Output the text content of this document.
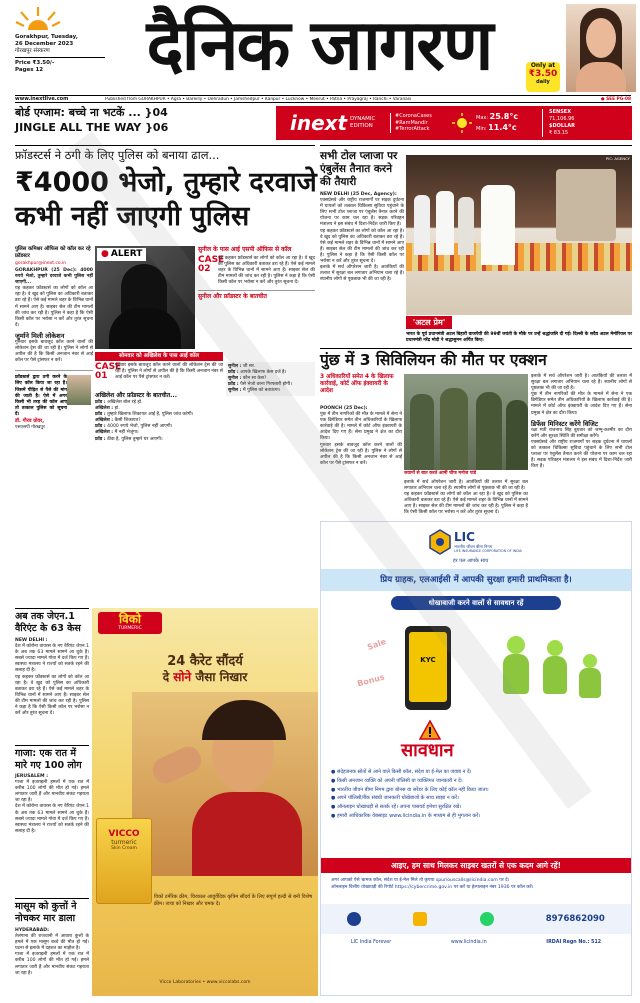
Gorakhpur, Tuesday,
26 December 2023
गोरखपुर संस्करण
Price ₹3.50/-
Pages 12	दैनिक जागरण	Only at
₹3.50
daily
www.inextlive.com	Published from GORAKHPUR • Agra • Bareilly • Dehradun • Jamshedpur • Kanpur • Lucknow • Meerut • Patna • Prayagraj • Ranchi • Varanasi	● SEE PG-08
बोर्ड एग्जाम: बच्चे ना भटकें ... }04
JINGLE ALL THE WAY }06	inext DYNAMIC
EDITION
#CoronaCases
#RamMandir
#TerrorAttack
Max: 25.8°c
Min: 11.4°c
SENSEX
71,106.96
$DOLLAR
₹ 83.15
फ्रॉडस्टर्स ने ठगी के लिए पुलिस को बनाया ढाल...
₹4000 भेजो, तुम्हारे दरवाजे
कभी नहीं जाएगी पुलिस
पुलिस कमिश्नर ऑफिस को कॉल कर रहे फ्रॉडस्टर
gorakhpur@inext.co.in
GORAKHPUR (25 Dec): 4000 रुपये भेजो, तुम्हारे दरवाजे कभी पुलिस नहीं जाएगी...
यह कहकर फ्रॉडस्टर्स का लोगों को कॉल आ रहा है। वे खुद को पुलिस का अधिकारी बताकर डरा रहे हैं। ऐसे कई मामले शहर के विभिन्न थानों में सामने आए हैं। साइबर सेल की टीम मामलों की जांच कर रही है। पुलिस ने कहा है कि ऐसी किसी कॉल पर भरोसा न करें और तुरंत सूचना दें।
जुर्माने मिली लोकेशन
गुरुवार इसके बावजूद कॉल करने वालों की लोकेशन ट्रेस की जा रही है। पुलिस ने लोगों से अपील की है कि किसी अनजान नंबर से आई कॉल पर पैसे ट्रांसफर न करें।
फ्रॉडस्टर्स द्वारा ठगी करने के लिए कॉल किया जा रहा है। जिसमें पीड़ित से पैसे की मांग की जाती है। ऐसे में अगर किसी भी तरह की कॉल आए तो तत्काल पुलिस को सूचना दें।
डॉ. गौरव ग्रोवर,
एसएसपी गोरखपुर
● ALERT	सुनील के पास आई एसपी ऑफिस से कॉल
CASE 02
यह कहकर फ्रॉडस्टर्स का लोगों को कॉल आ रहा है। वे खुद को पुलिस का अधिकारी बताकर डरा रहे हैं। ऐसे कई मामले शहर के विभिन्न थानों में सामने आए हैं। साइबर सेल की टीम मामलों की जांच कर रही है। पुलिस ने कहा है कि ऐसी किसी कॉल पर भरोसा न करें और तुरंत सूचना दें।
सुनील और फ्रॉडस्टर के बातचीत
सोमवार को अखिलेश के पास आई कॉल
CASE 01
गुरुवार इसके बावजूद कॉल करने वालों की लोकेशन ट्रेस की जा रही है। पुलिस ने लोगों से अपील की है कि किसी अनजान नंबर से आई कॉल पर पैसे ट्रांसफर न करें।
अखिलेश और फ्रॉडस्टर के बातचीत...
फ्रॉड : अखिलेश बोल रहे हो.
अखिलेश : हां.
फ्रॉड : तुम्हारे खिलाफ शिकायत आई है, पुलिस जांच करेगी।
अखिलेश : कैसी शिकायत?
फ्रॉड : 4000 रुपये भेजो, पुलिस नहीं आएगी।
अखिलेश : मैं नहीं भेजूंगा।
फ्रॉड : ठीक है, पुलिस तुम्हारे घर आएगी।
सुनील : जी सर.
फ्रॉड : आपके खिलाफ केस दर्ज है।
सुनील : कौन सा केस?
फ्रॉड : पैसे भेजो वरना गिरफ्तारी होगी।
सुनील : मैं पुलिस को बताऊंगा।
सभी टोल प्लाजा पर एंबुलेंस तैनात करने की तैयारी
NEW DELHI (25 Dec, Agency):
एक्सप्रेसवे और राष्ट्रीय राजमार्गों पर सड़क दुर्घटना में घायलों को तत्काल चिकित्सा सुविधा पहुंचाने के लिए सभी टोल प्लाजा पर एंबुलेंस तैनात करने की योजना पर काम चल रहा है। सड़क परिवहन मंत्रालय ने इस संबंध में दिशा-निर्देश जारी किए हैं।
यह कहकर फ्रॉडस्टर्स का लोगों को कॉल आ रहा है। वे खुद को पुलिस का अधिकारी बताकर डरा रहे हैं। ऐसे कई मामले शहर के विभिन्न थानों में सामने आए हैं। साइबर सेल की टीम मामलों की जांच कर रही है। पुलिस ने कहा है कि ऐसी किसी कॉल पर भरोसा न करें और तुरंत सूचना दें।
इलाके में सर्च ऑपरेशन जारी है। आतंकियों की तलाश में सुरक्षा बल लगातार अभियान चला रहे हैं। स्थानीय लोगों से पूछताछ भी की जा रही है।
PIC: AGENCY
'अटल प्रेम'
भारत के पूर्व प्रधानमंत्री अटल बिहारी वाजपेयी की 99वीं जयंती के मौके पर उन्हें श्रद्धांजलि दी गई। दिल्ली के सदैव अटल मेमोरियल पर प्रधानमंत्री नरेंद्र मोदी ने श्रद्धासुमन अर्पित किए।
पुंछ में 3 सिविलियन की मौत पर एक्शन
3 अधिकारियों समेत 4 के खिलाफ कार्रवाई, कोर्ट ऑफ इंक्वायरी के आदेश
POONCH (25 Dec):
पुंछ में तीन नागरिकों की मौत के मामले में सेना ने एक ब्रिगेडियर समेत तीन अधिकारियों के खिलाफ कार्रवाई की है। मामले में कोर्ट ऑफ इंक्वायरी के आदेश दिए गए हैं। सेना प्रमुख ने क्षेत्र का दौरा किया।
गुरुवार इसके बावजूद कॉल करने वालों की लोकेशन ट्रेस की जा रही है। पुलिस ने लोगों से अपील की है कि किसी अनजान नंबर से आई कॉल पर पैसे ट्रांसफर न करें।
जवानों से बात करते आर्मी चीफ मनोज पांडे
इलाके में सर्च ऑपरेशन जारी है। आतंकियों की तलाश में सुरक्षा बल लगातार अभियान चला रहे हैं। स्थानीय लोगों से पूछताछ भी की जा रही है।
यह कहकर फ्रॉडस्टर्स का लोगों को कॉल आ रहा है। वे खुद को पुलिस का अधिकारी बताकर डरा रहे हैं। ऐसे कई मामले शहर के विभिन्न थानों में सामने आए हैं। साइबर सेल की टीम मामलों की जांच कर रही है। पुलिस ने कहा है कि ऐसी किसी कॉल पर भरोसा न करें और तुरंत सूचना दें।
इलाके में सर्च ऑपरेशन जारी है। आतंकियों की तलाश में सुरक्षा बल लगातार अभियान चला रहे हैं। स्थानीय लोगों से पूछताछ भी की जा रही है।
पुंछ में तीन नागरिकों की मौत के मामले में सेना ने एक ब्रिगेडियर समेत तीन अधिकारियों के खिलाफ कार्रवाई की है। मामले में कोर्ट ऑफ इंक्वायरी के आदेश दिए गए हैं। सेना प्रमुख ने क्षेत्र का दौरा किया।
डिफेंस मिनिस्टर करेंगे विजिट
रक्षा मंत्री राजनाथ सिंह बुधवार को जम्मू-कश्मीर का दौरा करेंगे और सुरक्षा स्थिति की समीक्षा करेंगे।
एक्सप्रेसवे और राष्ट्रीय राजमार्गों पर सड़क दुर्घटना में घायलों को तत्काल चिकित्सा सुविधा पहुंचाने के लिए सभी टोल प्लाजा पर एंबुलेंस तैनात करने की योजना पर काम चल रहा है। सड़क परिवहन मंत्रालय ने इस संबंध में दिशा-निर्देश जारी किए हैं।
अब तक जेएन.1 वैरिएंट के 63 केस
NEW DELHI :
देश में कोरोना वायरस के नए वैरिएंट जेएन.1 के अब तक 63 मामले सामने आ चुके हैं। सबसे ज्यादा मामले गोवा में दर्ज किए गए हैं। स्वास्थ्य मंत्रालय ने राज्यों को सतर्क रहने की सलाह दी है।
यह कहकर फ्रॉडस्टर्स का लोगों को कॉल आ रहा है। वे खुद को पुलिस का अधिकारी बताकर डरा रहे हैं। ऐसे कई मामले शहर के विभिन्न थानों में सामने आए हैं। साइबर सेल की टीम मामलों की जांच कर रही है। पुलिस ने कहा है कि ऐसी किसी कॉल पर भरोसा न करें और तुरंत सूचना दें।
गाजा: एक रात में मारे गए 100 लोग
JERUSALEM :
गाजा में इजराइली हमलों में एक रात में करीब 100 लोगों की मौत हो गई। हमले लगातार जारी हैं और मानवीय संकट गहराता जा रहा है।
देश में कोरोना वायरस के नए वैरिएंट जेएन.1 के अब तक 63 मामले सामने आ चुके हैं। सबसे ज्यादा मामले गोवा में दर्ज किए गए हैं। स्वास्थ्य मंत्रालय ने राज्यों को सतर्क रहने की सलाह दी है।
मासूम को कुत्तों ने नोचकर मार डाला
HYDERABAD:
तेलंगाना की राजधानी में आवारा कुत्तों के हमले में एक मासूम बच्चे की मौत हो गई। घटना से इलाके में दहशत का माहौल है।
गाजा में इजराइली हमलों में एक रात में करीब 100 लोगों की मौत हो गई। हमले लगातार जारी हैं और मानवीय संकट गहराता जा रहा है।
विको
TURMERIC
24 कैरेट सौंदर्य
दे सोने जैसा निखार
VICCO
turmeric
Skin Cream
विको टर्मरिक क्रीम, चिरकाल आयुर्वेदिक कृत्रिम सौंदर्य के लिए संपूर्ण हल्दी से बनी विशेष क्रीम। त्वचा को निखार और चमक दे।
Vicco Laboratories • www.viccolabs.com
LIC
भारतीय जीवन बीमा निगम
LIFE INSURANCE CORPORATION OF INDIA
हर पल आपके साथ
प्रिय ग्राहक, एलआईसी में आपकी सुरक्षा हमारी प्राथमिकता है।
धोखाबाजी करने वालों से सावधान रहें
KYC
Sale
Bonus
सावधान
● संदेहजनक स्रोतों से आने वाले किसी कॉल, संदेश या ई-मेल का जवाब न दें।
● किसी अनजान व्यक्ति को अपनी पॉलिसी या व्यक्तिगत जानकारी न दें।
● भारतीय जीवन बीमा निगम द्वारा बोनस या सरेंडर के लिए कोई कॉल नहीं किया जाता।
● अपने पॉलिसी/बैंक संबंधी जानकारी धोखेबाजों के साथ साझा न करें।
● ऑनलाइन धोखाधड़ी से सतर्क रहें। अपना पासवर्ड हमेशा सुरक्षित रखें।
● हमारी आधिकारिक वेबसाइट www.licindia.in के माध्यम से ही भुगतान करें।
आइए, हम साथ मिलकर साइबर खतरों से एक कदम आगे रहें!
अगर आपको ऐसे भ्रामक कॉल, संदेश या ई-मेल मिले तो कृपया spuriouscalls@licindia.com पर दें।
ऑनलाइन वित्तीय धोखाधड़ी की रिपोर्ट https://cybercrime.gov.in पर करें या हेल्पलाइन नंबर 1930 पर कॉल करें।
8976862090
LIC India Forever	www.licindia.in	IRDAI Regn No.: 512
